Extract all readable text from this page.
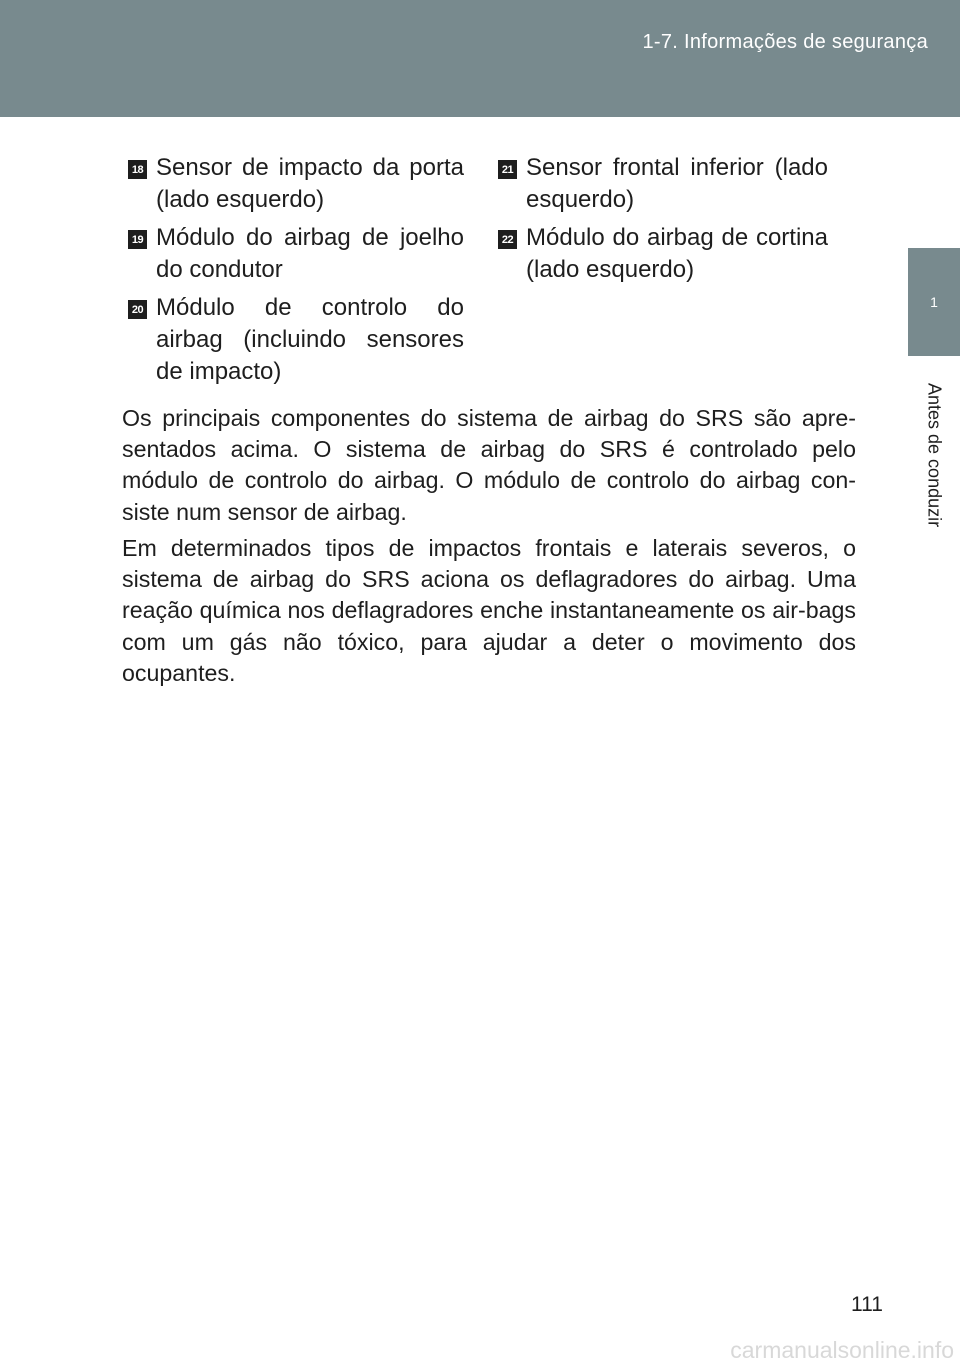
1-7. Informações de segurança
1
Antes de conduzir
18 Sensor de impacto da porta (lado esquerdo)
19 Módulo do airbag de joelho do condutor
20 Módulo de controlo do airbag (incluindo sensores de impacto)
21 Sensor frontal inferior (lado esquerdo)
22 Módulo do airbag de cortina (lado esquerdo)

Os principais componentes do sistema de airbag do SRS são apre-sentados acima. O sistema de airbag do SRS é controlado pelo módulo de controlo do airbag. O módulo de controlo do airbag con-siste num sensor de airbag.

Em determinados tipos de impactos frontais e laterais severos, o sistema de airbag do SRS aciona os deflagradores do airbag. Uma reação química nos deflagradores enche instantaneamente os air-bags com um gás não tóxico, para ajudar a deter o movimento dos ocupantes.

111
carmanualsonline.info
